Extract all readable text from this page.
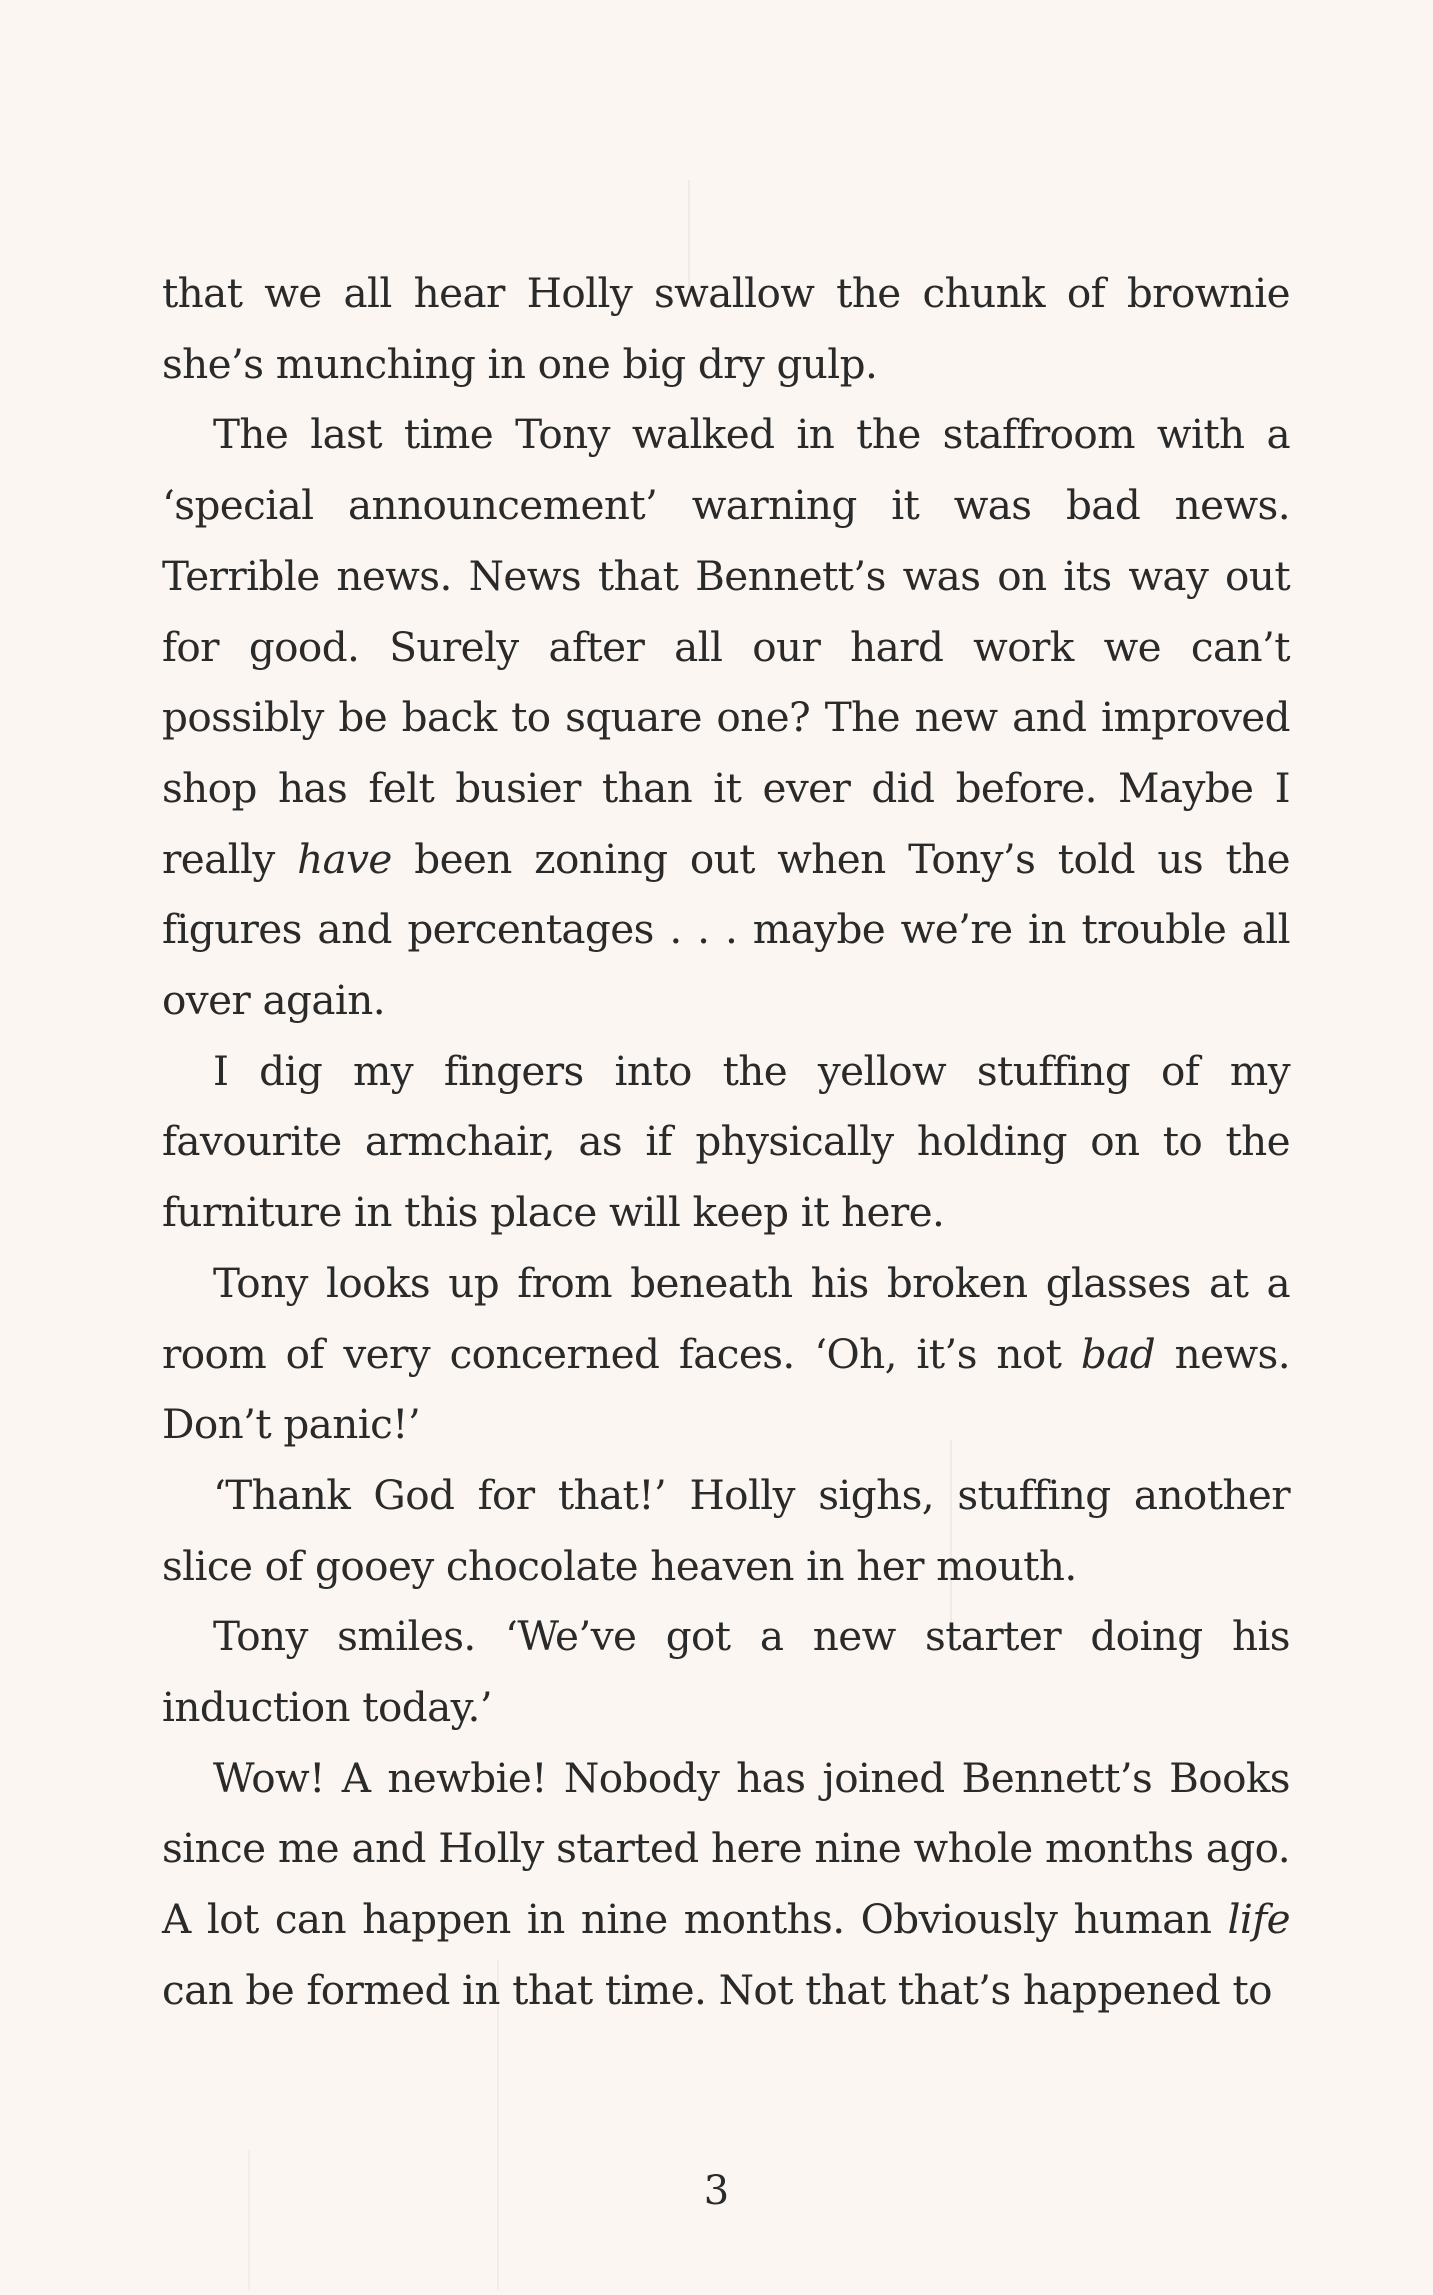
that we all hear Holly swallow the chunk of brownie she’s munching in one big dry gulp.

The last time Tony walked in the staffroom with a ‘special announcement’ warning it was bad news. Terrible news. News that Bennett’s was on its way out for good. Surely after all our hard work we can’t possibly be back to square one? The new and improved shop has felt busier than it ever did before. Maybe I really have been zoning out when Tony’s told us the figures and percentages . . . maybe we’re in trouble all over again.

I dig my fingers into the yellow stuffing of my favourite armchair, as if physically holding on to the furniture in this place will keep it here.

Tony looks up from beneath his broken glasses at a room of very concerned faces. ‘Oh, it’s not bad news. Don’t panic!’

‘Thank God for that!’ Holly sighs, stuffing another slice of gooey chocolate heaven in her mouth.

Tony smiles. ‘We’ve got a new starter doing his induction today.’

Wow! A newbie! Nobody has joined Bennett’s Books since me and Holly started here nine whole months ago. A lot can happen in nine months. Obviously human life can be formed in that time. Not that that’s happened to

3
